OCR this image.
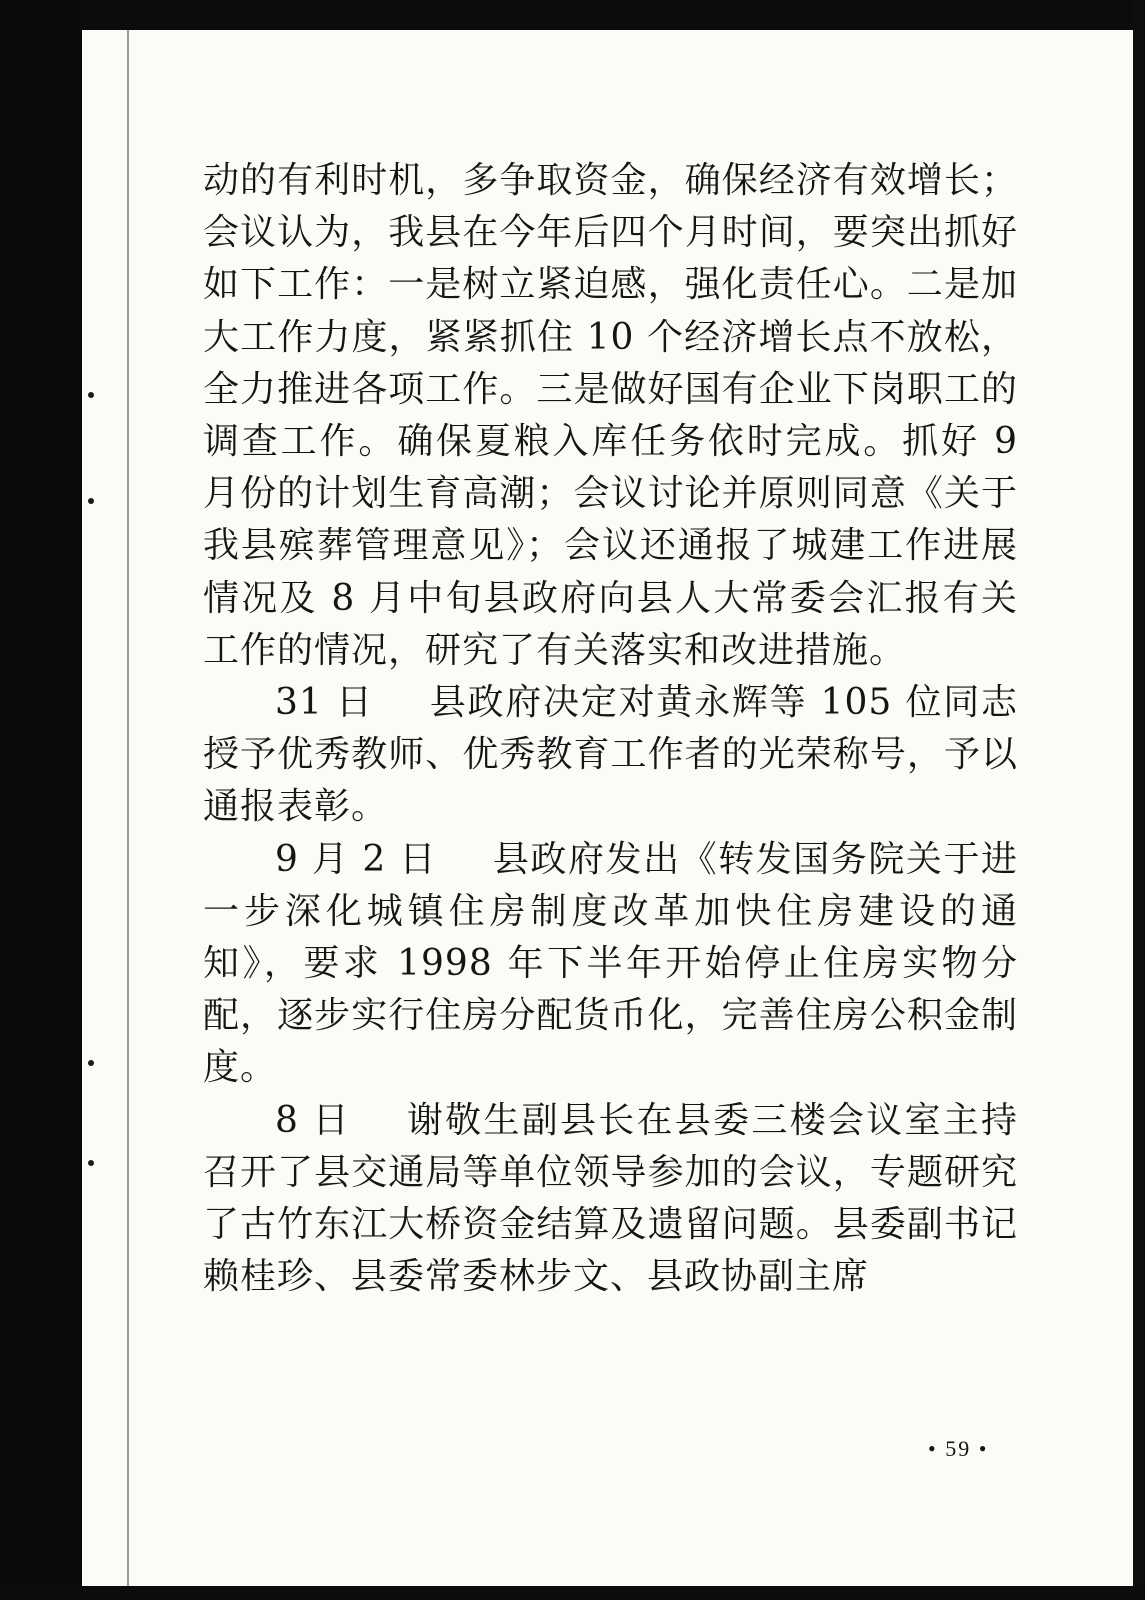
动的有利时机，多争取资金，确保经济有效增长；会议认为，我县在今年后四个月时间，要突出抓好如下工作：一是树立紧迫感，强化责任心。二是加大工作力度，紧紧抓住 10 个经济增长点不放松，全力推进各项工作。三是做好国有企业下岗职工的调查工作。确保夏粮入库任务依时完成。抓好 9 月份的计划生育高潮；会议讨论并原则同意《关于我县殡葬管理意见》；会议还通报了城建工作进展情况及 8 月中旬县政府向县人大常委会汇报有关工作的情况，研究了有关落实和改进措施。

31 日 县政府决定对黄永辉等 105 位同志授予优秀教师、优秀教育工作者的光荣称号，予以通报表彰。

9 月 2 日 县政府发出《转发国务院关于进一步深化城镇住房制度改革加快住房建设的通知》，要求 1998 年下半年开始停止住房实物分配，逐步实行住房分配货币化，完善住房公积金制度。

8 日 谢敬生副县长在县委三楼会议室主持召开了县交通局等单位领导参加的会议，专题研究了古竹东江大桥资金结算及遗留问题。县委副书记赖桂珍、县委常委林步文、县政协副主席

• 59 •
